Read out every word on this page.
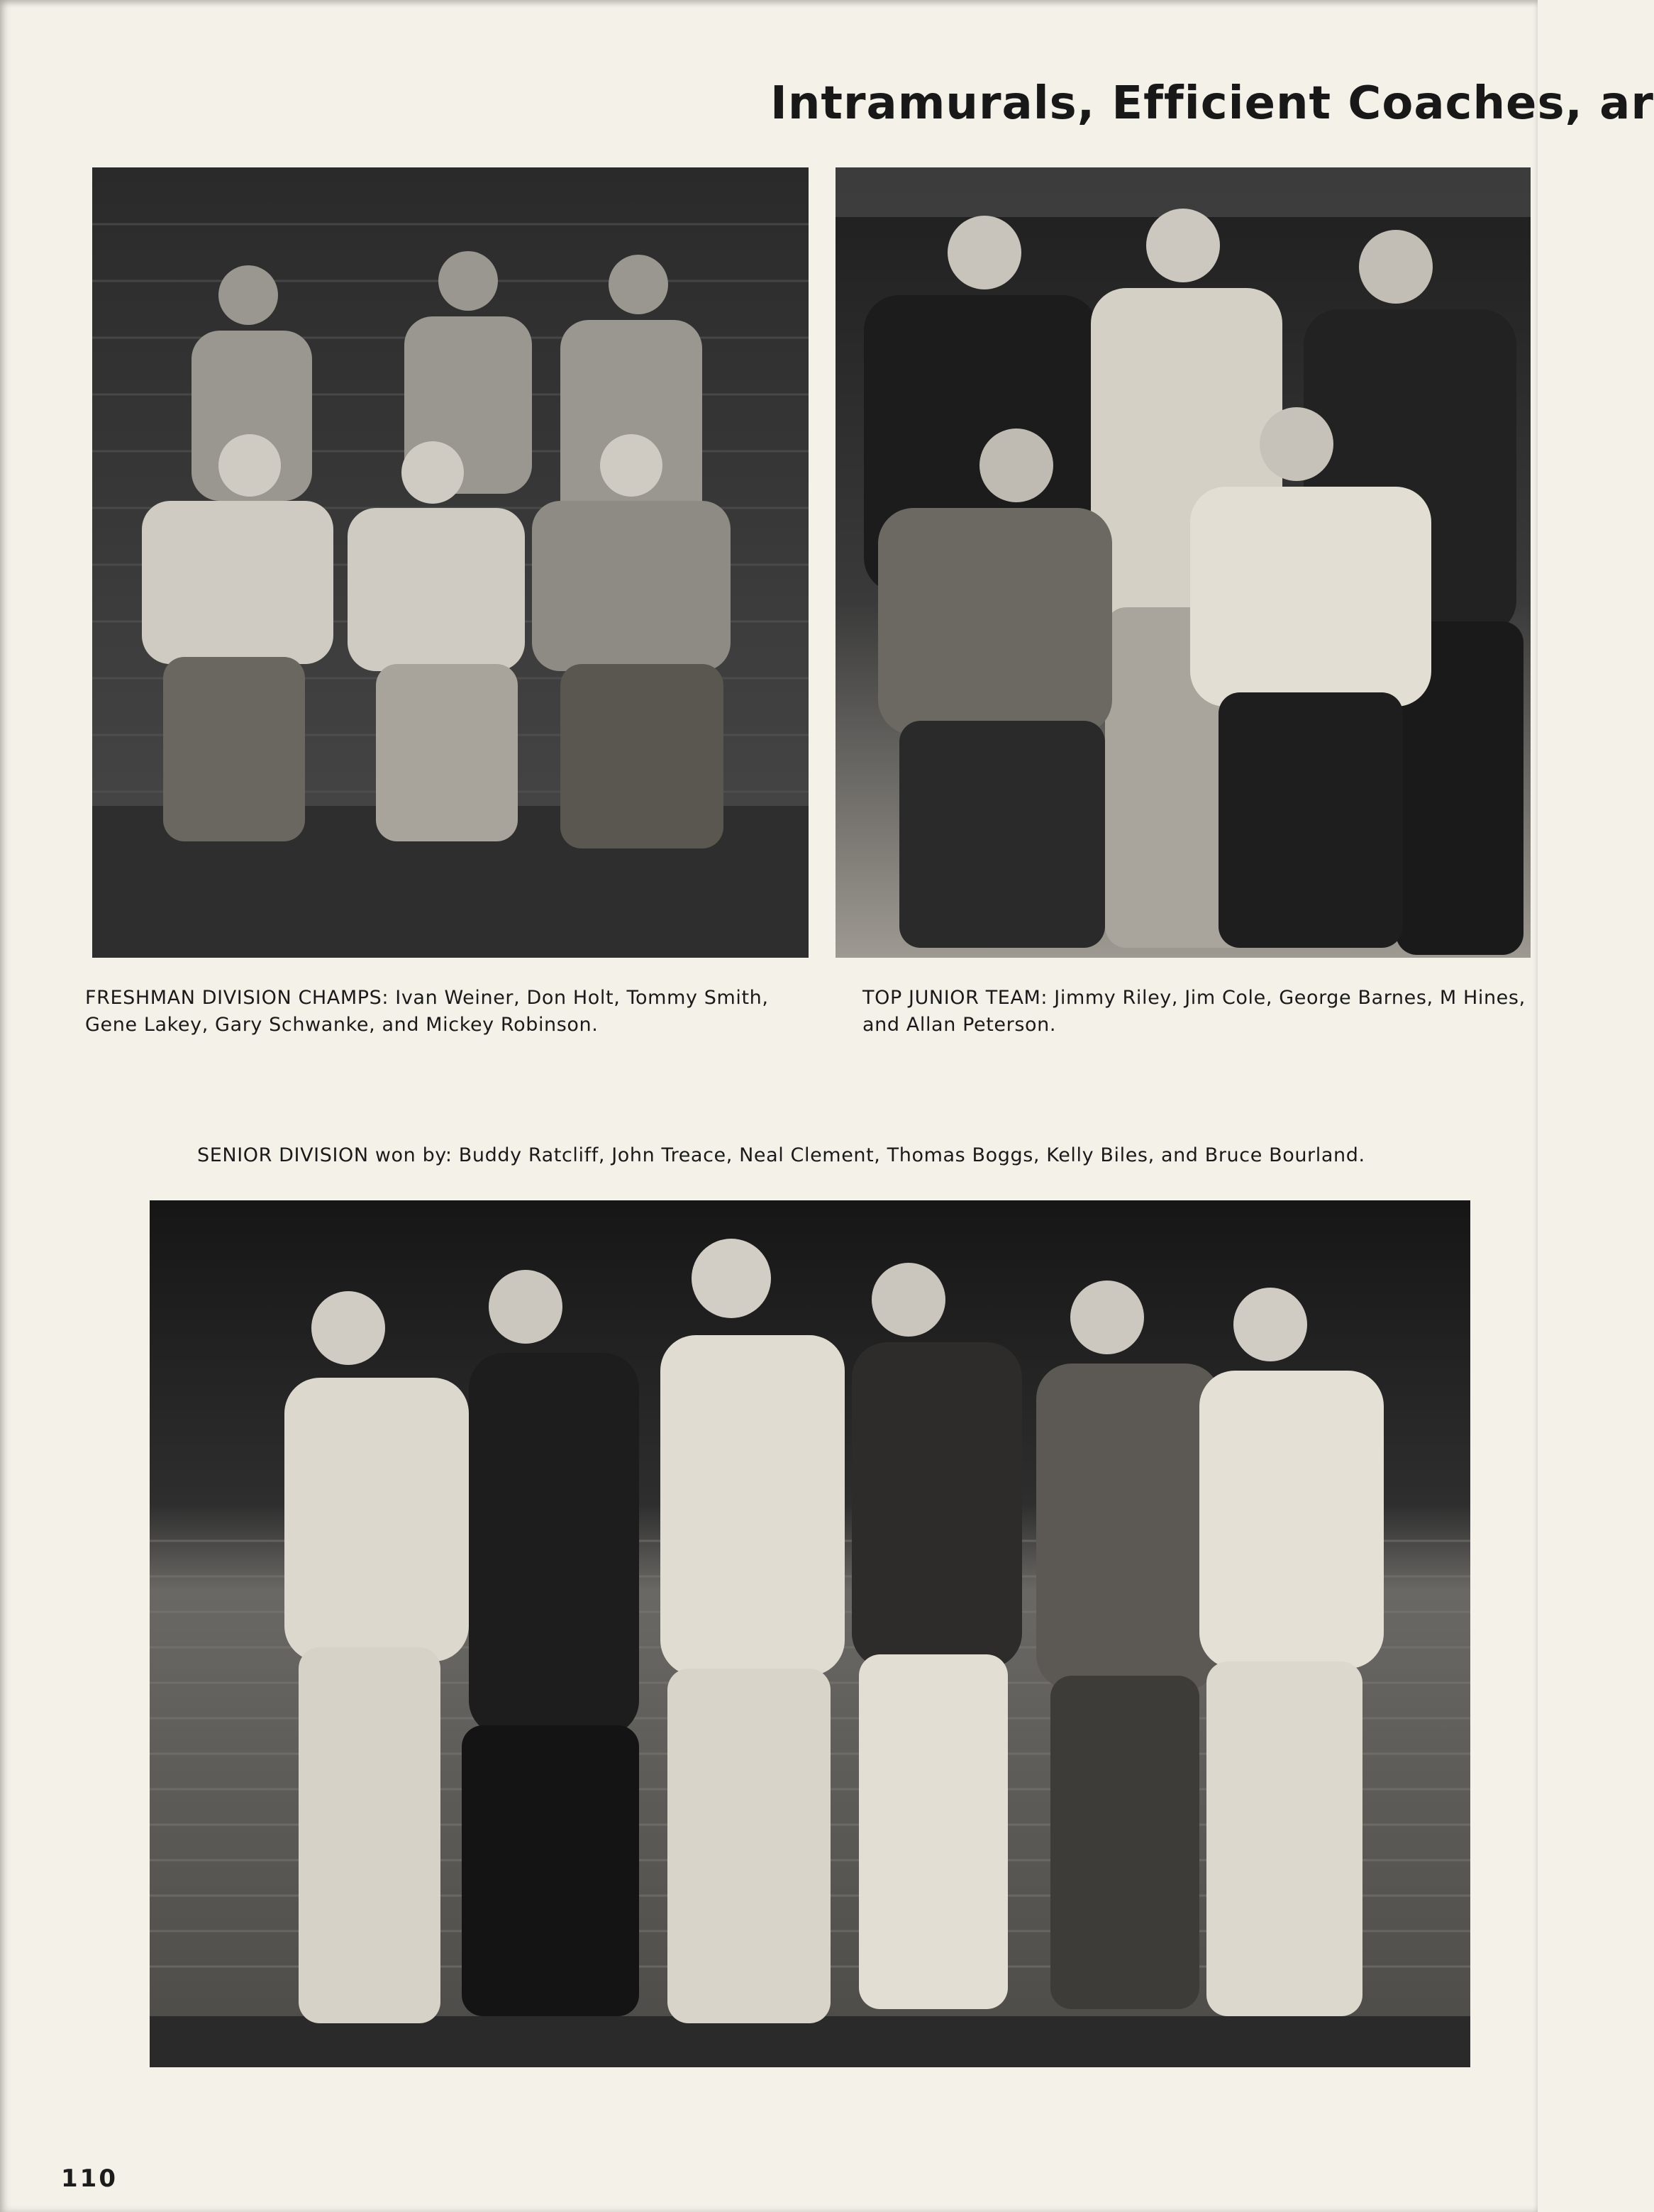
Intramurals, Efficient Coaches, ar
FRESHMAN DIVISION CHAMPS: Ivan Weiner, Don Holt, Tommy Smith, Gene Lakey, Gary Schwanke, and Mickey Robinson.
TOP JUNIOR TEAM: Jimmy Riley, Jim Cole, George Barnes, M Hines, and Allan Peterson.
SENIOR DIVISION won by: Buddy Ratcliff, John Treace, Neal Clement, Thomas Boggs, Kelly Biles, and Bruce Bourland.
110
